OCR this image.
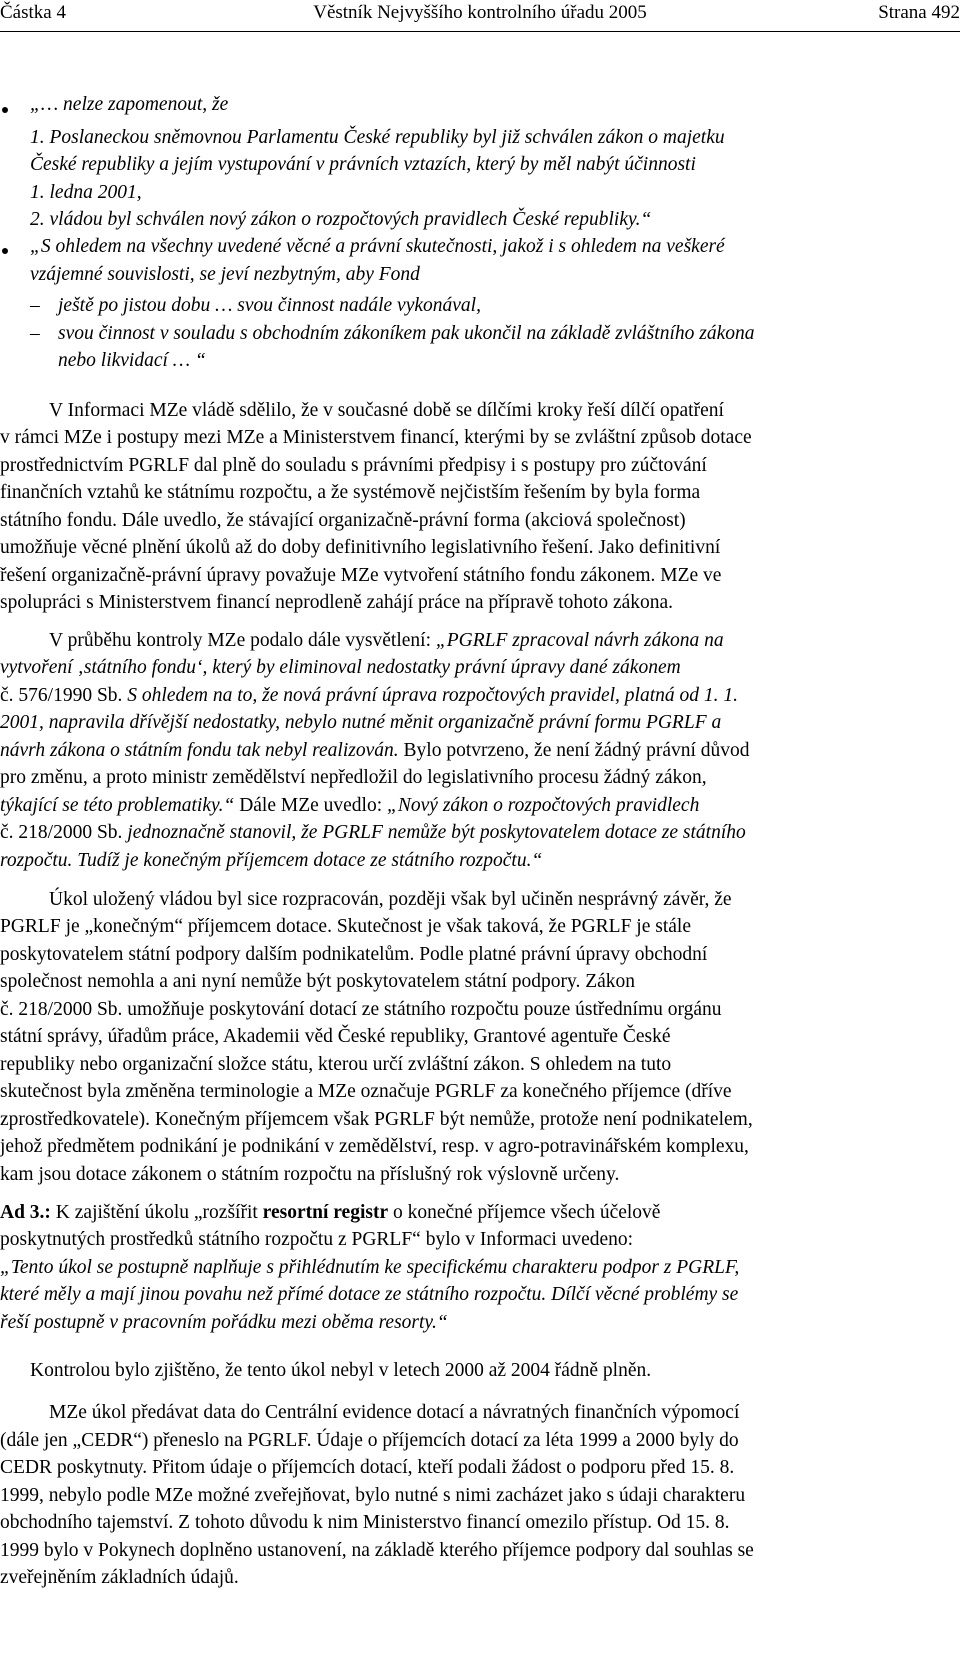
Částka 4	Věstník Nejvyššího kontrolního úřadu 2005	Strana 492
„… nelze zapomenout, že
1. Poslaneckou sněmovnou Parlamentu České republiky byl již schválen zákon o majetku
České republiky a jejím vystupování v právních vztazích, který by měl nabýt účinnosti
1. ledna 2001,
2. vládou byl schválen nový zákon o rozpočtových pravidlech České republiky.“
„S ohledem na všechny uvedené věcné a právní skutečnosti, jakož i s ohledem na veškeré
vzájemné souvislosti, se jeví nezbytným, aby Fond
– ještě po jistou dobu … svou činnost nadále vykonával,
– svou činnost v souladu s obchodním zákoníkem pak ukončil na základě zvláštního zákona
nebo likvidací … “
V Informaci MZe vládě sdělilo, že v současné době se dílčími kroky řeší dílčí opatření
v rámci MZe i postupy mezi MZe a Ministerstvem financí, kterými by se zvláštní způsob dotace
prostřednictvím PGRLF dal plně do souladu s právními předpisy i s postupy pro zúčtování
finančních vztahů ke státnímu rozpočtu, a že systémově nejčistším řešením by byla forma
státního fondu. Dále uvedlo, že stávající organizačně-právní forma (akciová společnost)
umožňuje věcné plnění úkolů až do doby definitivního legislativního řešení. Jako definitivní
řešení organizačně-právní úpravy považuje MZe vytvoření státního fondu zákonem. MZe ve
spolupráci s Ministerstvem financí neprodleně zahájí práce na přípravě tohoto zákona.
V průběhu kontroly MZe podalo dále vysvětlení: „PGRLF zpracoval návrh zákona na
vytvoření ‚státního fondu‘, který by eliminoval nedostatky právní úpravy dané zákonem
č. 576/1990 Sb. S ohledem na to, že nová právní úprava rozpočtových pravidel, platná od 1. 1.
2001, napravila dřívější nedostatky, nebylo nutné měnit organizačně právní formu PGRLF a
návrh zákona o státním fondu tak nebyl realizován. Bylo potvrzeno, že není žádný právní důvod
pro změnu, a proto ministr zemědělství nepředložil do legislativního procesu žádný zákon,
týkající se této problematiky.“ Dále MZe uvedlo: „Nový zákon o rozpočtových pravidlech
č. 218/2000 Sb. jednoznačně stanovil, že PGRLF nemůže být poskytovatelem dotace ze státního
rozpočtu. Tudíž je konečným příjemcem dotace ze státního rozpočtu.“
Úkol uložený vládou byl sice rozpracován, později však byl učiněn nesprávný závěr, že
PGRLF je „konečným“ příjemcem dotace. Skutečnost je však taková, že PGRLF je stále
poskytovatelem státní podpory dalším podnikatelům. Podle platné právní úpravy obchodní
společnost nemohla a ani nyní nemůže být poskytovatelem státní podpory. Zákon
č. 218/2000 Sb. umožňuje poskytování dotací ze státního rozpočtu pouze ústřednímu orgánu
státní správy, úřadům práce, Akademii věd České republiky, Grantové agentuře České
republiky nebo organizační složce státu, kterou určí zvláštní zákon. S ohledem na tuto
skutečnost byla změněna terminologie a MZe označuje PGRLF za konečného příjemce (dříve
zprostředkovatele). Konečným příjemcem však PGRLF být nemůže, protože není podnikatelem,
jehož předmětem podnikání je podnikání v zemědělství, resp. v agro-potravinářském komplexu,
kam jsou dotace zákonem o státním rozpočtu na příslušný rok výslovně určeny.
Ad 3.: K zajištění úkolu „rozšířit resortní registr o konečné příjemce všech účelově
poskytnutých prostředků státního rozpočtu z PGRLF“ bylo v Informaci uvedeno:
„Tento úkol se postupně naplňuje s přihlédnutím ke specifickému charakteru podpor z PGRLF,
které měly a mají jinou povahu než přímé dotace ze státního rozpočtu. Dílčí věcné problémy se
řeší postupně v pracovním pořádku mezi oběma resorty.“
Kontrolou bylo zjištěno, že tento úkol nebyl v letech 2000 až 2004 řádně plněn.
MZe úkol předávat data do Centrální evidence dotací a návratných finančních výpomocí
(dále jen „CEDR“) přeneslo na PGRLF. Údaje o příjemcích dotací za léta 1999 a 2000 byly do
CEDR poskytnuty. Přitom údaje o příjemcích dotací, kteří podali žádost o podporu před 15. 8.
1999, nebylo podle MZe možné zveřejňovat, bylo nutné s nimi zacházet jako s údaji charakteru
obchodního tajemství. Z tohoto důvodu k nim Ministerstvo financí omezilo přístup. Od 15. 8.
1999 bylo v Pokynech doplněno ustanovení, na základě kterého příjemce podpory dal souhlas se
zveřejněním základních údajů.
